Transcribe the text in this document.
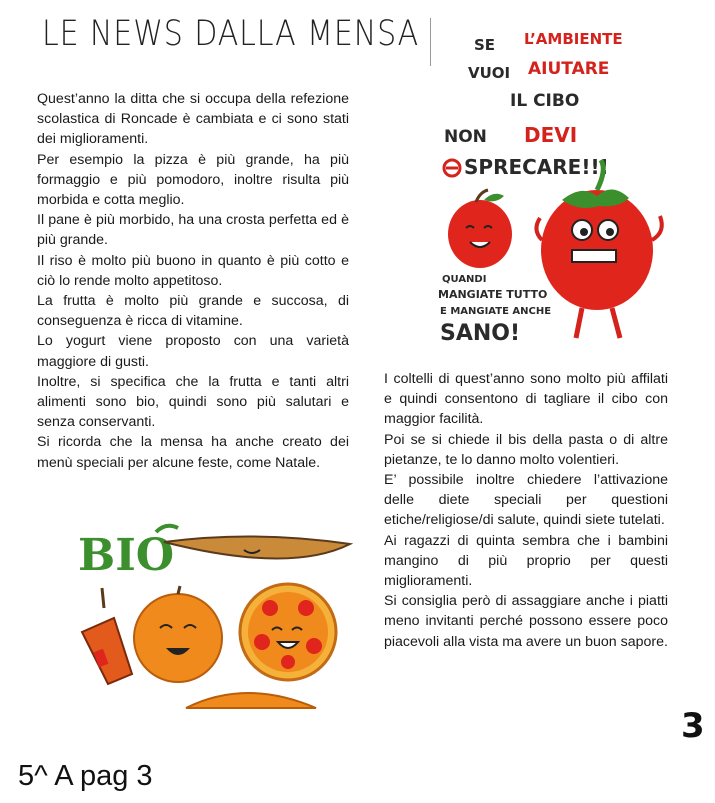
LE NEWS DALLA MENSA

Quest’anno la ditta che si occupa della refezione scolastica di Roncade è cambiata e ci sono stati dei miglioramenti.

Per esempio la pizza è più grande, ha più formaggio e più pomodoro, inoltre risulta più morbida e cotta meglio.

Il pane è più morbido, ha una crosta perfetta ed è più grande.

Il riso è molto più buono in quanto è più cotto e ciò lo rende molto appetitoso.

La frutta è molto più grande e succosa, di conseguenza è ricca di vitamine.

Lo yogurt viene proposto con una varietà maggiore di gusti.

Inoltre, si specifica che la frutta e tanti altri alimenti sono bio, quindi sono più salutari e senza conservanti.

Si ricorda che la mensa ha anche creato dei menù speciali per alcune feste, come Natale.

SE L’AMBIENTE
VUOI AIUTARE
IL CIBO
NON DEVI
SPRECARE!!!
QUANDI
MANGIATE TUTTO
E MANGIATE ANCHE
SANO!

I coltelli di quest’anno sono molto più affilati e quindi consentono di tagliare il cibo con maggior facilità.

Poi se si chiede il bis della pasta o di altre pietanze, te lo danno molto volentieri.

E’ possibile inoltre chiedere l’attivazione delle diete speciali per questioni etiche/religiose/di salute, quindi siete tutelati.

Ai ragazzi di quinta sembra che i bambini mangino di più proprio per questi miglioramenti.

Si consiglia però di assaggiare anche i piatti meno invitanti perché possono essere poco piacevoli alla vista ma avere un buon sapore.

BIO
3
5^ A pag 3
